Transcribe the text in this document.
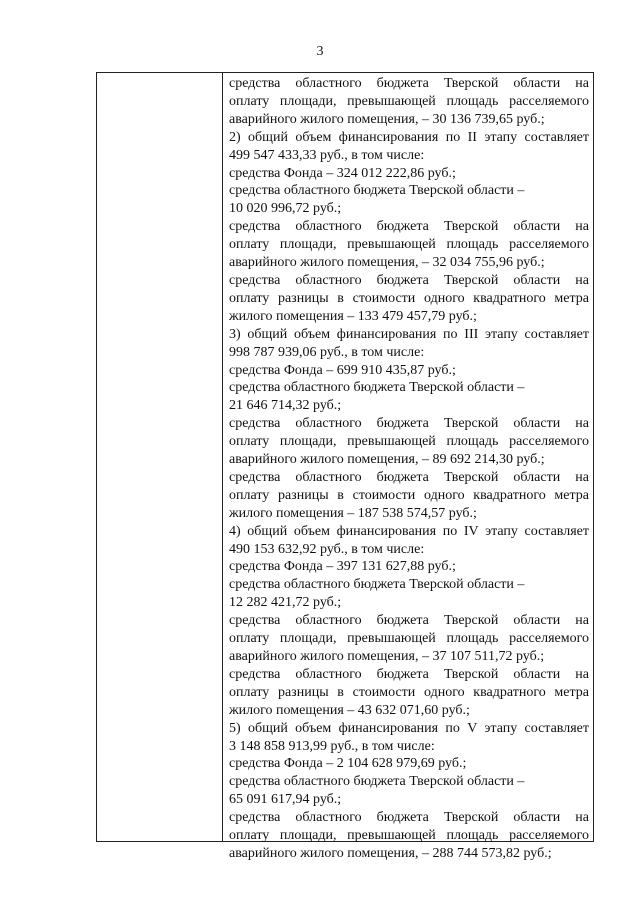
3
средства областного бюджета Тверской области на
оплату площади, превышающей площадь расселяемого
аварийного жилого помещения, – 30 136 739,65 руб.;
2) общий объем финансирования по II этапу составляет
499 547 433,33 руб., в том числе:
средства Фонда – 324 012 222,86 руб.;
средства областного бюджета Тверской области –
10 020 996,72 руб.;
средства областного бюджета Тверской области на
оплату площади, превышающей площадь расселяемого
аварийного жилого помещения, – 32 034 755,96 руб.;
средства областного бюджета Тверской области на
оплату разницы в стоимости одного квадратного метра
жилого помещения – 133 479 457,79 руб.;
3) общий объем финансирования по III этапу составляет
998 787 939,06 руб., в том числе:
средства Фонда – 699 910 435,87 руб.;
средства областного бюджета Тверской области –
21 646 714,32 руб.;
средства областного бюджета Тверской области на
оплату площади, превышающей площадь расселяемого
аварийного жилого помещения, – 89 692 214,30 руб.;
средства областного бюджета Тверской области на
оплату разницы в стоимости одного квадратного метра
жилого помещения – 187 538 574,57 руб.;
4) общий объем финансирования по IV этапу составляет
490 153 632,92 руб., в том числе:
средства Фонда – 397 131 627,88 руб.;
средства областного бюджета Тверской области –
12 282 421,72 руб.;
средства областного бюджета Тверской области на
оплату площади, превышающей площадь расселяемого
аварийного жилого помещения, – 37 107 511,72 руб.;
средства областного бюджета Тверской области на
оплату разницы в стоимости одного квадратного метра
жилого помещения – 43 632 071,60 руб.;
5) общий объем финансирования по V этапу составляет
3 148 858 913,99 руб., в том числе:
средства Фонда – 2 104 628 979,69 руб.;
средства областного бюджета Тверской области –
65 091 617,94 руб.;
средства областного бюджета Тверской области на
оплату площади, превышающей площадь расселяемого
аварийного жилого помещения, – 288 744 573,82 руб.;
